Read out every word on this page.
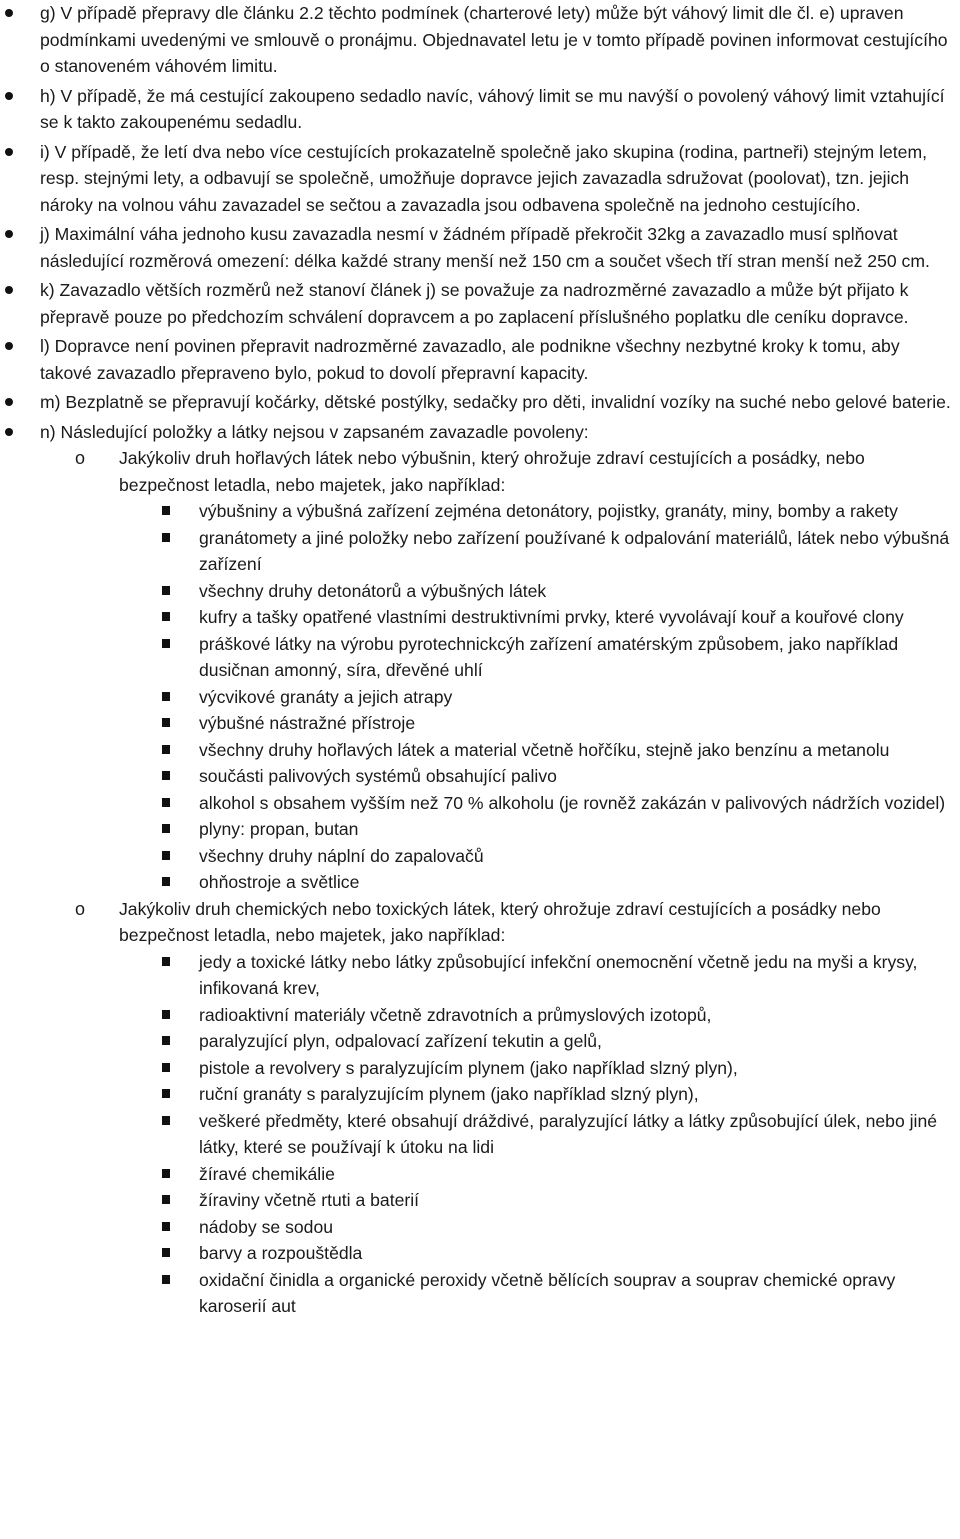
g) V případě přepravy dle článku 2.2 těchto podmínek (charterové lety) může být váhový limit dle čl. e) upraven podmínkami uvedenými ve smlouvě o pronájmu. Objednavatel letu je v tomto případě povinen informovat cestujícího o stanoveném váhovém limitu.
h) V případě, že má cestující zakoupeno sedadlo navíc, váhový limit se mu navýší o povolený váhový limit vztahující se k takto zakoupenému sedadlu.
i) V případě, že letí dva nebo více cestujících prokazatelně společně jako skupina (rodina, partneři) stejným letem, resp. stejnými lety, a odbavují se společně, umožňuje dopravce jejich zavazadla sdružovat (poolovat), tzn. jejich nároky na volnou váhu zavazadel se sečtou a zavazadla jsou odbavena společně na jednoho cestujícího.
j) Maximální váha jednoho kusu zavazadla nesmí v žádném případě překročit 32kg a zavazadlo musí splňovat následující rozměrová omezení: délka každé strany menší než 150 cm a součet všech tří stran menší než 250 cm.
k) Zavazadlo větších rozměrů než stanoví článek j) se považuje za nadrozměrné zavazadlo a může být přijato k přepravě pouze po předchozím schválení dopravcem a po zaplacení příslušného poplatku dle ceníku dopravce.
l) Dopravce není povinen přepravit nadrozměrné zavazadlo, ale podnikne všechny nezbytné kroky k tomu, aby takové zavazadlo přepraveno bylo, pokud to dovolí přepravní kapacity.
m) Bezplatně se přepravují kočárky, dětské postýlky, sedačky pro děti, invalidní vozíky na suché nebo gelové baterie.
n) Následující položky a látky nejsou v zapsaném zavazadle povoleny:
o Jakýkoliv druh hořlavých látek nebo výbušnin, který ohrožuje zdraví cestujících a posádky, nebo bezpečnost letadla, nebo majetek, jako například:
výbušniny a výbušná zařízení zejména detonátory, pojistky, granáty, miny, bomby a rakety
granátomety a jiné položky nebo zařízení používané k odpalování materiálů, látek nebo výbušná zařízení
všechny druhy detonátorů a výbušných látek
kufry a tašky opatřené vlastními destruktivními prvky, které vyvolávají kouř a kouřové clony
práškové látky na výrobu pyrotechnickcýh zařízení amatérským způsobem, jako například dusičnan amonný, síra, dřevěné uhlí
výcvikové granáty a jejich atrapy
výbušné nástražné přístroje
všechny druhy hořlavých látek a material včetně hořčíku, stejně jako benzínu a metanolu
součásti palivových systémů obsahující palivo
alkohol s obsahem vyšším než 70 % alkoholu (je rovněž zakázán v palivových nádržích vozidel)
plyny: propan, butan
všechny druhy náplní do zapalovačů
ohňostroje a světlice
o Jakýkoliv druh chemických nebo toxických látek, který ohrožuje zdraví cestujících a posádky nebo bezpečnost letadla, nebo majetek, jako například:
jedy a toxické látky nebo látky způsobující infekční onemocnění včetně jedu na myši a krysy, infikovaná krev,
radioaktivní materiály včetně zdravotních a průmyslových izotopů,
paralyzující plyn, odpalovací zařízení tekutin a gelů,
pistole a revolvery s paralyzujícím plynem (jako například slzný plyn),
ruční granáty s paralyzujícím plynem (jako například slzný plyn),
veškeré předměty, které obsahují dráždivé, paralyzující látky a látky způsobující úlek, nebo jiné látky, které se používají k útoku na lidi
žíravé chemikálie
žíraviny včetně rtuti a baterií
nádoby se sodou
barvy a rozpouštědla
oxidační činidla a organické peroxidy včetně bělících souprav a souprav chemické opravy karoserií aut
